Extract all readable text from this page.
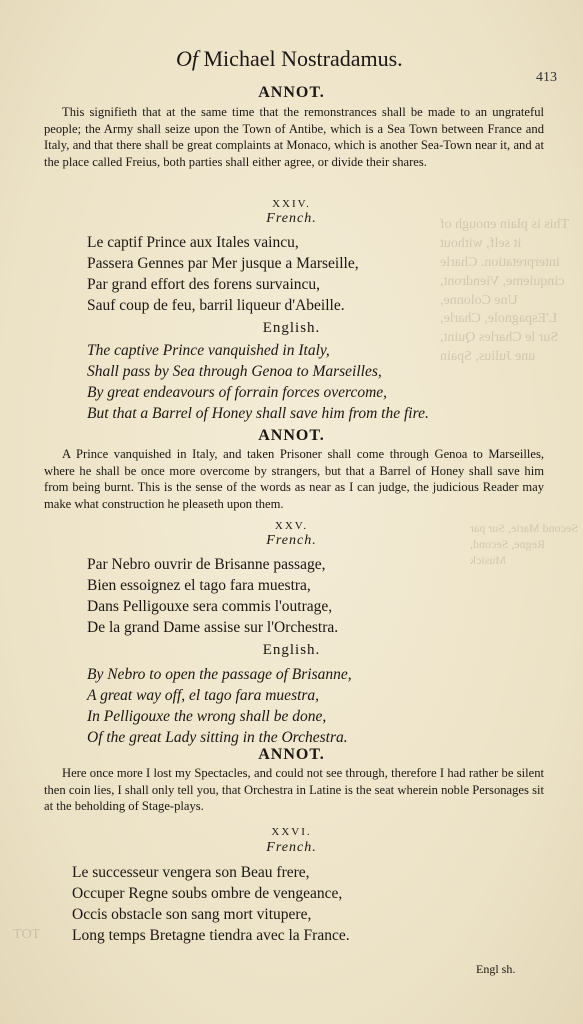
This is plain enough of it self, without interpretation. Charle cinquieme, Viendront, Une Colonne, L'Espagnole, Charle, Sur le Charles Quint, une Julius, Spain
Second Marie, Sur par Regne, Second, Musick
TOT
Of Michael Nostradamus.
413
ANNOT.

This signifieth that at the same time that the remonstrances shall be made to an ungrateful people; the Army shall seize upon the Town of Antibe, which is a Sea Town between France and Italy, and that there shall be great complaints at Monaco, which is another Sea-Town near it, and at the place called Freius, both parties shall either agree, or divide their shares.

XXIV.
French.
Le captif Prince aux Itales vaincu,
Passera Gennes par Mer jusque a Marseille,
Par grand effort des forens survaincu,
Sauf coup de feu, barril liqueur d'Abeille.
English.
The captive Prince vanquished in Italy,
Shall pass by Sea through Genoa to Marseilles,
By great endeavours of forrain forces overcome,
But that a Barrel of Honey shall save him from the fire.
ANNOT.

A Prince vanquished in Italy, and taken Prisoner shall come through Genoa to Marseilles, where he shall be once more overcome by strangers, but that a Barrel of Honey shall save him from being burnt. This is the sense of the words as near as I can judge, the judicious Reader may make what construction he pleaseth upon them.

XXV.
French.
Par Nebro ouvrir de Brisanne passage,
Bien essoignez el tago fara muestra,
Dans Pelligouxe sera commis l'outrage,
De la grand Dame assise sur l'Orchestra.
English.
By Nebro to open the passage of Brisanne,
A great way off, el tago fara muestra,
In Pelligouxe the wrong shall be done,
Of the great Lady sitting in the Orchestra.
ANNOT.

Here once more I lost my Spectacles, and could not see through, therefore I had rather be silent then coin lies, I shall only tell you, that Orchestra in Latine is the seat wherein noble Personages sit at the beholding of Stage-plays.

XXVI.
French.
Le successeur vengera son Beau frere,
Occuper Regne soubs ombre de vengeance,
Occis obstacle son sang mort vitupere,
Long temps Bretagne tiendra avec la France.
Engl sh.
